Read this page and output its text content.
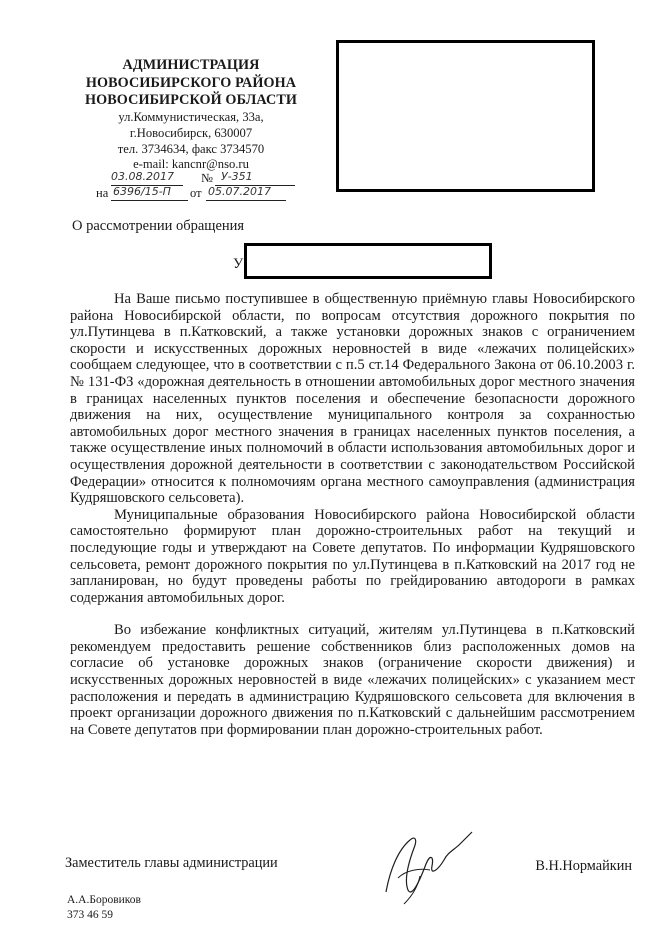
АДМИНИСТРАЦИЯ
НОВОСИБИРСКОГО РАЙОНА
НОВОСИБИРСКОЙ ОБЛАСТИ
ул.Коммунистическая, 33а,
г.Новосибирск, 630007
тел. 3734634, факс 3734570
e-mail: kancnr@nso.ru
03.08.2017 № У-351
на 6396/15-П от 05.07.2017
О рассмотрении обращения
У

На Ваше письмо поступившее в общественную приёмную главы Новосибирского района Новосибирской области, по вопросам отсутствия дорожного покрытия по ул.Путинцева в п.Катковский, а также установки дорожных знаков с ограничением скорости и искусственных дорожных неровностей в виде «лежачих полицейских» сообщаем следующее, что в соответствии с п.5 ст.14 Федерального Закона от 06.10.2003 г. № 131-ФЗ «дорожная деятельность в отношении автомобильных дорог местного значения в границах населенных пунктов поселения и обеспечение безопасности дорожного движения на них, осуществление муниципального контроля за сохранностью автомобильных дорог местного значения в границах населенных пунктов поселения, а также осуществление иных полномочий в области использования автомобильных дорог и осуществления дорожной деятельности в соответствии с законодательством Российской Федерации» относится к полномочиям органа местного самоуправления (администрация Кудряшовского сельсовета).

Муниципальные образования Новосибирского района Новосибирской области самостоятельно формируют план дорожно-строительных работ на текущий и последующие годы и утверждают на Совете депутатов. По информации Кудряшовского сельсовета, ремонт дорожного покрытия по ул.Путинцева в п.Катковский на 2017 год не запланирован, но будут проведены работы по грейдированию автодороги в рамках содержания автомобильных дорог.

Во избежание конфликтных ситуаций, жителям ул.Путинцева в п.Катковский рекомендуем предоставить решение собственников близ расположенных домов на согласие об установке дорожных знаков (ограничение скорости движения) и искусственных дорожных неровностей в виде «лежачих полицейских» с указанием мест расположения и передать в администрацию Кудряшовского сельсовета для включения в проект организации дорожного движения по п.Катковский с дальнейшим рассмотрением на Совете депутатов при формировании план дорожно-строительных работ.

Заместитель главы администрации	В.Н.Нормайкин
А.А.Боровиков
373 46 59
